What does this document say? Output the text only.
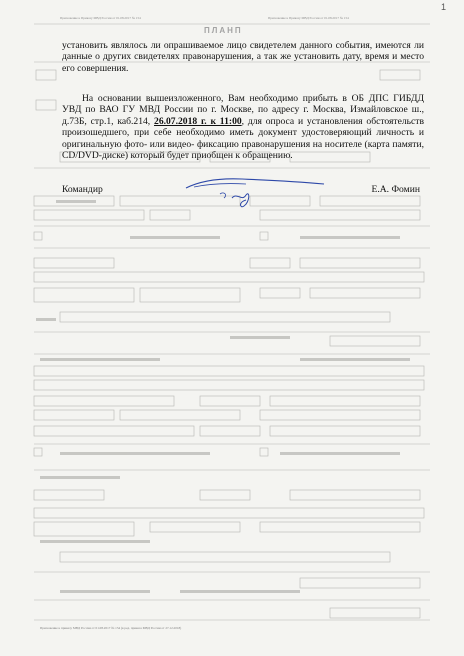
1
Приложение к Приказу МВД России от 01.08.2017 № 154	Приложение к Приказу МВД России от 01.08.2017 № 154
ПЛАНП
установить являлось ли опрашиваемое лицо свидетелем данного события, имеются ли данные о других свидетелях правонарушения, а так же установить дату, время и место его совершения.
На основании вышеизложенного, Вам необходимо прибыть в ОБ ДПС ГИБДД УВД по ВАО ГУ МВД России по г. Москве, по адресу г. Москва, Измайловское ш., д.73Б, стр.1, каб.214, 26.07.2018 г. к 11:00, для опроса и установления обстоятельств произошедшего, при себе необходимо иметь документ удостоверяющий личность и оригинальную фото- или видео- фиксацию правонарушения на носителе (карта памяти, CD/DVD-диске) который будет приобщен к обращению.
Командир	Е.А. Фомин
Приложение к приказу МВД России от 01.08.2017 № 154 (в ред. приказа МВД России от 27.12.2018)
